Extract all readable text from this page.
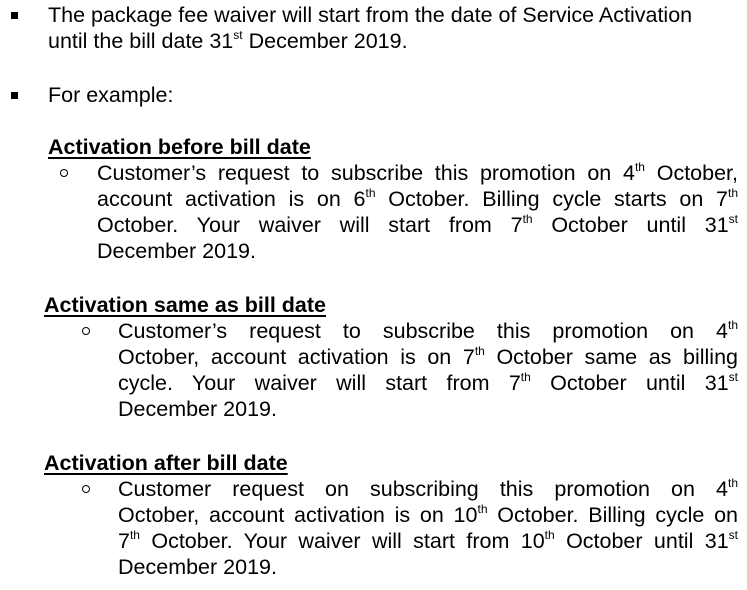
The package fee waiver will start from the date of Service Activation
until the bill date 31st December 2019.
For example:
Activation before bill date
Customer’s request to subscribe this promotion on 4th October,
account activation is on 6th October. Billing cycle starts on 7th
October. Your waiver will start from 7th October until 31st
December 2019.
Activation same as bill date
Customer’s request to subscribe this promotion on 4th
October, account activation is on 7th October same as billing
cycle. Your waiver will start from 7th October until 31st
December 2019.
Activation after bill date
Customer request on subscribing this promotion on 4th
October, account activation is on 10th October. Billing cycle on
7th October. Your waiver will start from 10th October until 31st
December 2019.
